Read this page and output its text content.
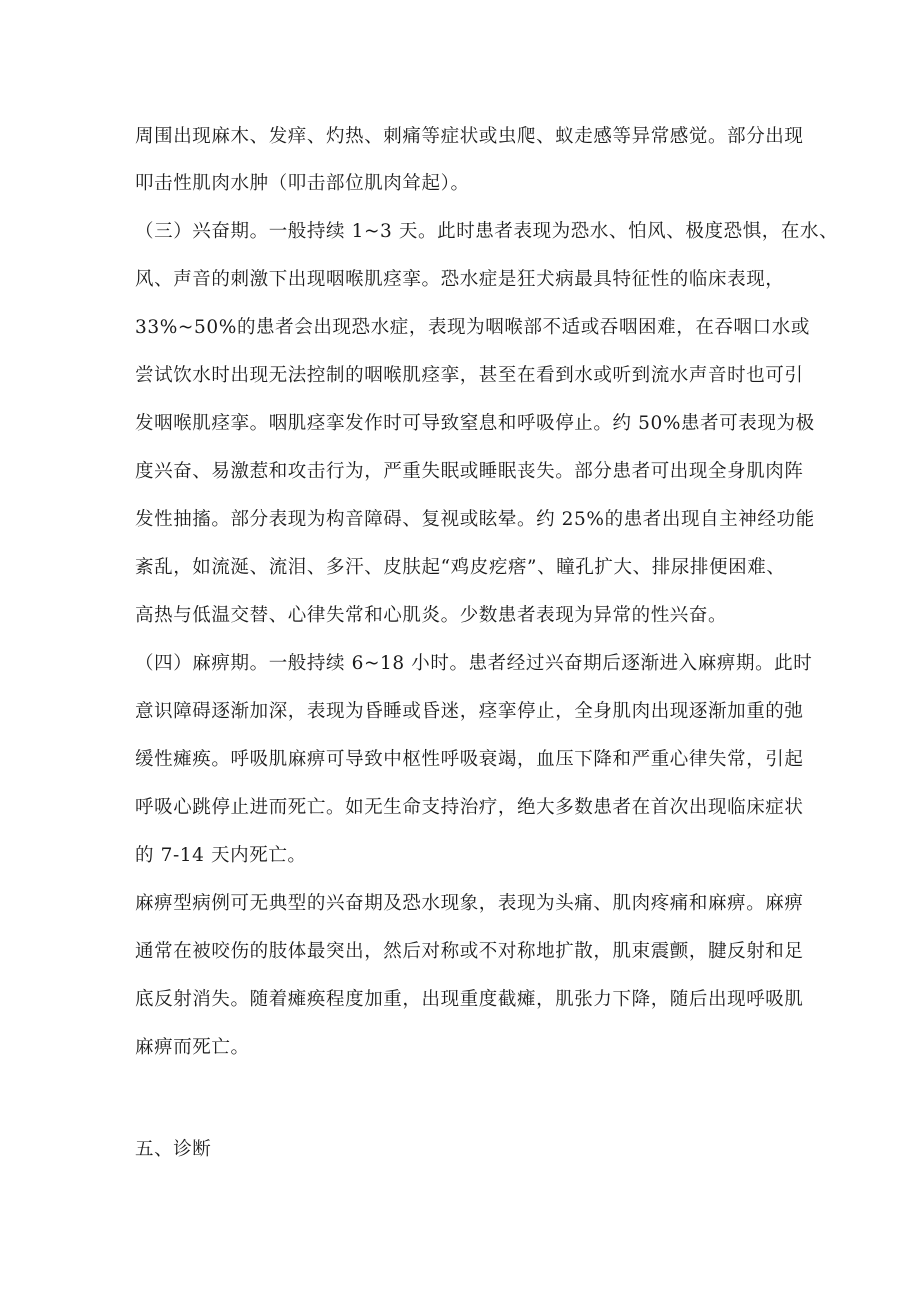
周围出现麻木、发痒、灼热、刺痛等症状或虫爬、蚁走感等异常感觉。部分出现
叩击性肌肉水肿（叩击部位肌肉耸起）。
（三）兴奋期。一般持续 1~3 天。此时患者表现为恐水、怕风、极度恐惧，在水、
风、声音的刺激下出现咽喉肌痉挛。恐水症是狂犬病最具特征性的临床表现，
33%~50%的患者会出现恐水症，表现为咽喉部不适或吞咽困难，在吞咽口水或
尝试饮水时出现无法控制的咽喉肌痉挛，甚至在看到水或听到流水声音时也可引
发咽喉肌痉挛。咽肌痉挛发作时可导致窒息和呼吸停止。约 50%患者可表现为极
度兴奋、易激惹和攻击行为，严重失眠或睡眠丧失。部分患者可出现全身肌肉阵
发性抽搐。部分表现为构音障碍、复视或眩晕。约 25%的患者出现自主神经功能
紊乱，如流涎、流泪、多汗、皮肤起“鸡皮疙瘩”、瞳孔扩大、排尿排便困难、
高热与低温交替、心律失常和心肌炎。少数患者表现为异常的性兴奋。
（四）麻痹期。一般持续 6~18 小时。患者经过兴奋期后逐渐进入麻痹期。此时
意识障碍逐渐加深，表现为昏睡或昏迷，痉挛停止，全身肌肉出现逐渐加重的弛
缓性瘫痪。呼吸肌麻痹可导致中枢性呼吸衰竭，血压下降和严重心律失常，引起
呼吸心跳停止进而死亡。如无生命支持治疗，绝大多数患者在首次出现临床症状
的 7-14 天内死亡。
麻痹型病例可无典型的兴奋期及恐水现象，表现为头痛、肌肉疼痛和麻痹。麻痹
通常在被咬伤的肢体最突出，然后对称或不对称地扩散，肌束震颤，腱反射和足
底反射消失。随着瘫痪程度加重，出现重度截瘫，肌张力下降，随后出现呼吸肌
麻痹而死亡。
五、诊断
